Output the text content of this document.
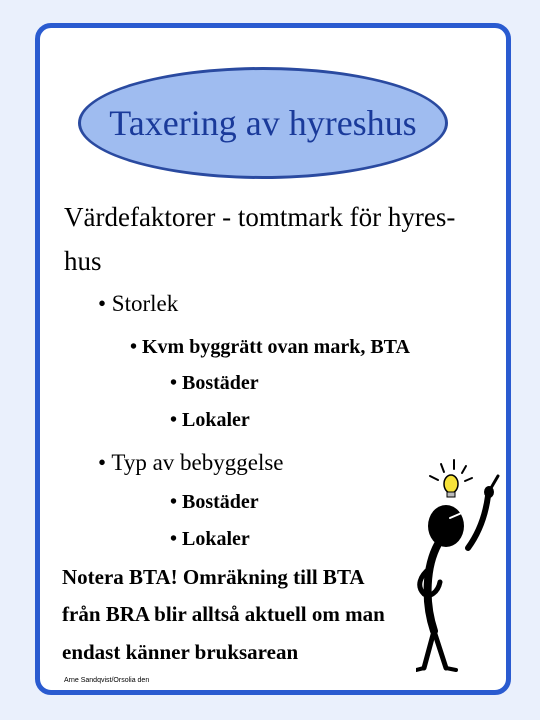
Taxering av hyreshus
Värdefaktorer - tomtmark för hyres-
hus
• Storlek
• Kvm byggrätt ovan mark, BTA
• Bostäder
• Lokaler
• Typ av bebyggelse
• Bostäder
• Lokaler
Notera BTA! Omräkning till BTA
från BRA blir alltså aktuell om man
endast känner bruksarean
Arne Sandqvist/Orsolia den
